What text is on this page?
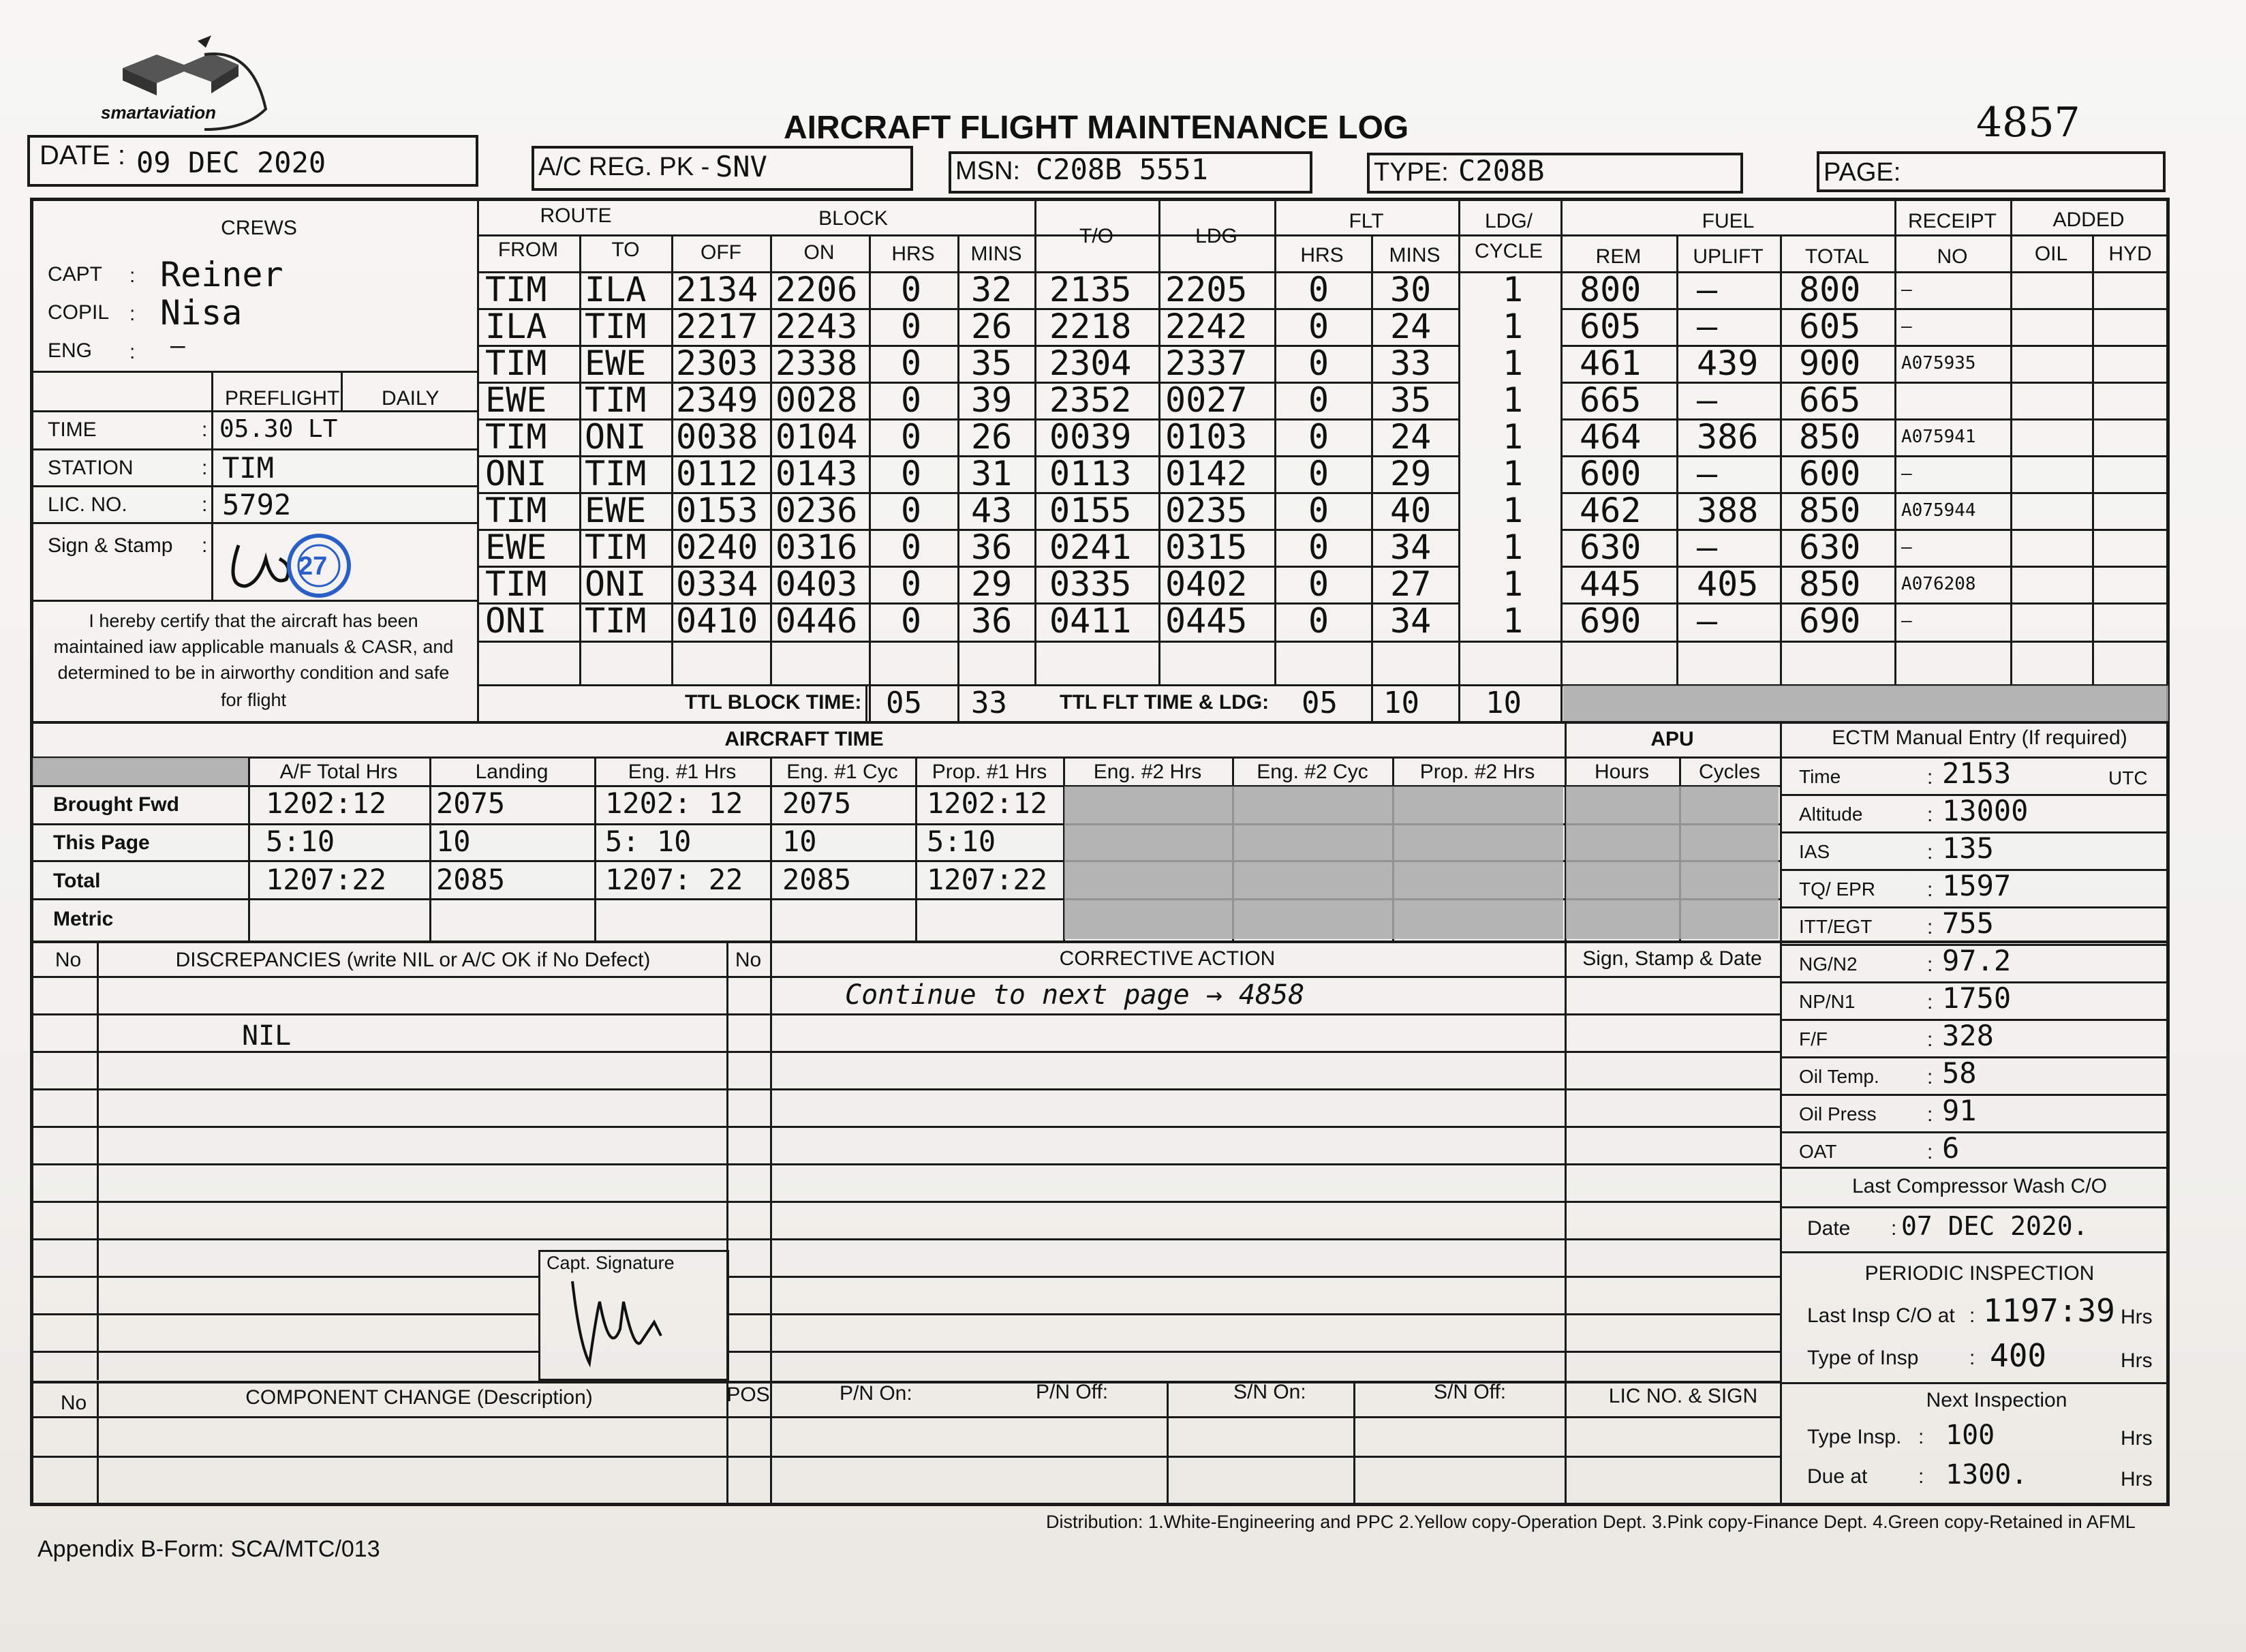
smartaviation	AIRCRAFT FLIGHT MAINTENANCE LOG	4857
DATE : 09 DEC 2020	A/C REG. PK - SNV	MSN: C208B 5551	TYPE: C208B	PAGE:
CREWS
CAPT : Reiner
COPIL : Nisa
ENG : –
PREFLIGHT DAILY
TIME	: 05.30 LT
STATION	: TIM
LIC. NO.	: 5792
Sign & Stamp :
27
I hereby certify that the aircraft has been
maintained iaw applicable manuals & CASR, and
determined to be in airworthy condition and safe
for flight
ROUTE
FROM	TO
BLOCK
OFF	ON	HRS MINS
T/O	LDG
FLT
HRS MINS
LDG/
CYCLE
FUEL
REM	UPLIFT TOTAL
RECEIPT
NO
ADDED
OIL HYD
TIM ILA 2134 2206 0 32 2135 2205 0 30 1 800 — 800 —
ILA TIM 2217 2243 0 26 2218 2242 0 24 1 605 — 605 —
TIM EWE 2303 2338 0 35 2304 2337 0 33 1 461 439 900 A075935
EWE TIM 2349 0028 0 39 2352 0027 0 35 1 665 — 665
TIM ONI 0038 0104 0 26 0039 0103 0 24 1 464 386 850 A075941
ONI TIM 0112 0143 0 31 0113 0142 0 29 1 600 — 600 —
TIM EWE 0153 0236 0 43 0155 0235 0 40 1 462 388 850 A075944
EWE TIM 0240 0316 0 36 0241 0315 0 34 1 630 — 630 —
TIM ONI 0334 0403 0 29 0335 0402 0 27 1 445 405 850 A076208
ONI TIM 0410 0446 0 36 0411 0445 0 34 1 690 — 690 —
TTL BLOCK TIME: 05 33	TTL FLT TIME & LDG: 05 10 10
AIRCRAFT TIME	APU
A/F Total Hrs	Landing	Eng. #1 Hrs Eng. #1 Cyc Prop. #1 Hrs Eng. #2 Hrs	Eng. #2 Cyc	Prop. #2 Hrs	Hours Cycles
Brought Fwd	1202:12 2075	1202: 12 2075	1202:12
This Page	5:10	10	5: 10	10	5:10
Total	1207:22 2085	1207: 22 2085	1207:22
Metric
ECTM Manual Entry (If required)
Time	: 2153	UTC
Altitude	: 13000
IAS	: 135
TQ/ EPR	: 1597
ITT/EGT	: 755
NG/N2	: 97.2
NP/N1	: 1750
F/F	: 328
Oil Temp. : 58
Oil Press : 91
OAT	: 6
Last Compressor Wash C/O
Date : 07 DEC 2020.
PERIODIC INSPECTION
Last Insp C/O at : 1197:39 Hrs
Type of Insp : 400	Hrs
Next Inspection
Type Insp. : 100	Hrs
Due at : 1300.	Hrs
No	DISCREPANCIES (write NIL or A/C OK if No Defect)	No	CORRECTIVE ACTION	Sign, Stamp & Date
NIL
Continue to next page → 4858
Capt. Signature
No	COMPONENT CHANGE (Description)	POS	P/N On:	P/N Off:	S/N On:	S/N Off:	LIC NO. & SIGN
Appendix B-Form: SCA/MTC/013
Distribution: 1.White-Engineering and PPC 2.Yellow copy-Operation Dept. 3.Pink copy-Finance Dept. 4.Green copy-Retained in AFML
